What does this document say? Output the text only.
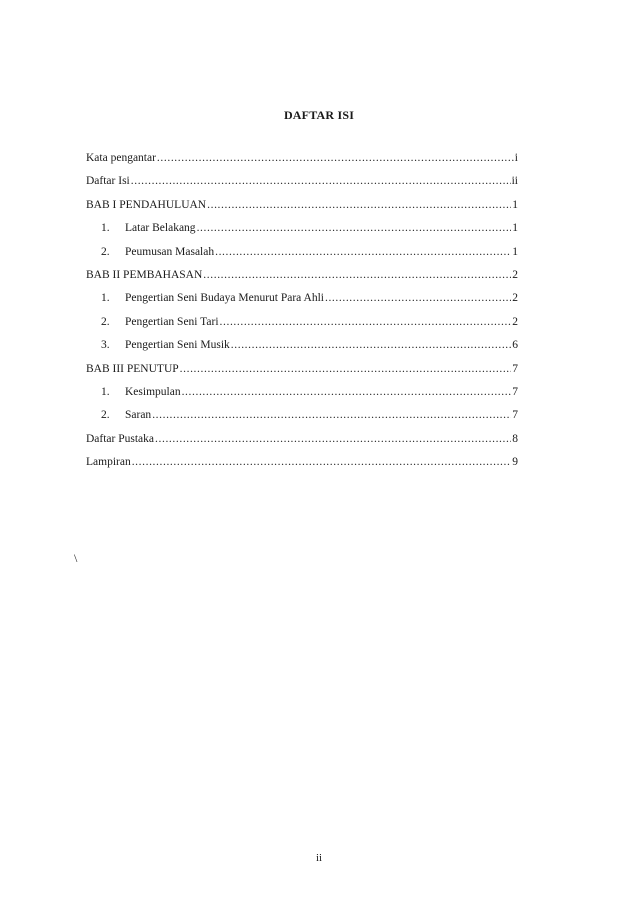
DAFTAR ISI
Kata pengantar .....	i
Daftar Isi .....	ii
BAB I PENDAHULUAN .....	1
1.	Latar Belakang .....	1
2.	Peumusan Masalah .....	1
BAB II PEMBAHASAN .....	2
1.	Pengertian Seni Budaya Menurut Para Ahli .....	2
2.	Pengertian Seni Tari .....	2
3.	Pengertian Seni Musik .....	6
BAB III PENUTUP .....	7
1.	Kesimpulan .....	7
2.	Saran .....	7
Daftar Pustaka .....	8
Lampiran .....	9
\
ii
